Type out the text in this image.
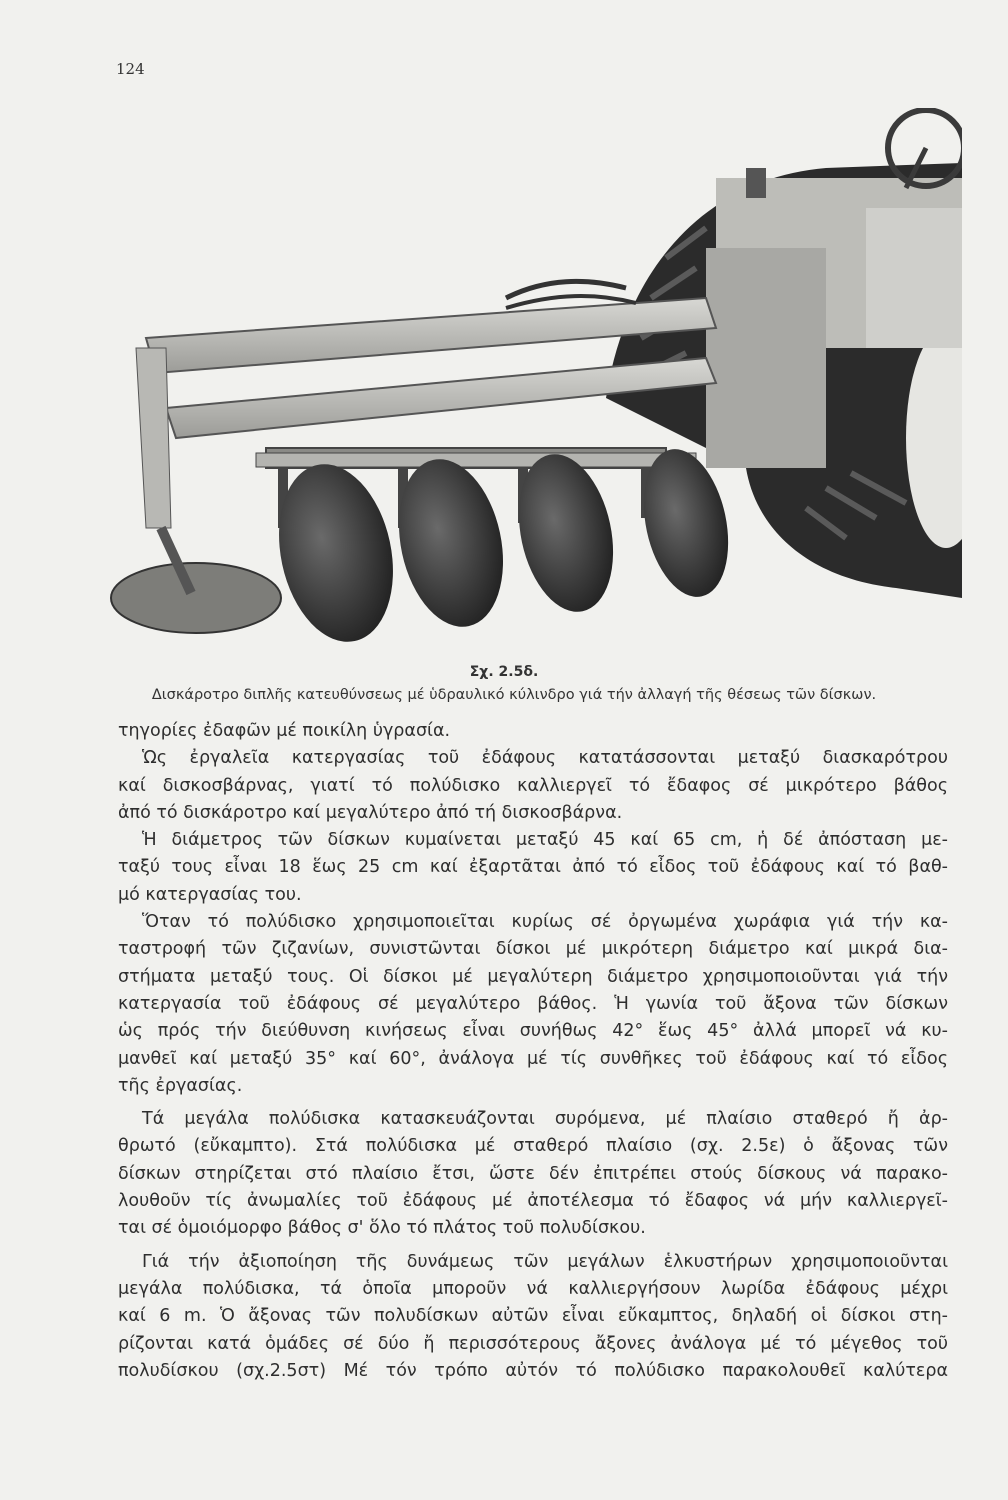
124
Σχ. 2.5δ.
Δισκάροτρο διπλῆς κατευθύνσεως μέ ὑδραυλικό κύλινδρο γιά τήν ἀλλαγή τῆς θέσεως τῶν δίσκων.
τηγορίες ἐδαφῶν μέ ποικίλη ὑγρασία.
Ὡς ἐργαλεῖα κατεργασίας τοῦ ἐδάφους κατατάσσονται μεταξύ διασκαρότρου
καί δισκοσβάρνας, γιατί τό πολύδισκο καλλιεργεῖ τό ἔδαφος σέ μικρότερο βάθος
ἀπό τό δισκάροτρο καί μεγαλύτερο ἀπό τή δισκοσβάρνα.
Ἡ διάμετρος τῶν δίσκων κυμαίνεται μεταξύ 45 καί 65 cm, ἡ δέ ἀπόσταση με-
ταξύ τους εἶναι 18 ἕως 25 cm καί ἐξαρτᾶται ἀπό τό εἶδος τοῦ ἐδάφους καί τό βαθ-
μό κατεργασίας του.
Ὅταν τό πολύδισκο χρησιμοποιεῖται κυρίως σέ ὀργωμένα χωράφια γιά τήν κα-
ταστροφή τῶν ζιζανίων, συνιστῶνται δίσκοι μέ μικρότερη διάμετρο καί μικρά δια-
στήματα μεταξύ τους. Οἱ δίσκοι μέ μεγαλύτερη διάμετρο χρησιμοποιοῦνται γιά τήν
κατεργασία τοῦ ἐδάφους σέ μεγαλύτερο βάθος. Ἡ γωνία τοῦ ἄξονα τῶν δίσκων
ὡς πρός τήν διεύθυνση κινήσεως εἶναι συνήθως 42° ἕως 45° ἀλλά μπορεῖ νά κυ-
μανθεῖ καί μεταξύ 35° καί 60°, ἀνάλογα μέ τίς συνθῆκες τοῦ ἐδάφους καί τό εἶδος
τῆς ἐργασίας.
Τά μεγάλα πολύδισκα κατασκευάζονται συρόμενα, μέ πλαίσιο σταθερό ἤ ἀρ-
θρωτό (εὔκαμπτο). Στά πολύδισκα μέ σταθερό πλαίσιο (σχ. 2.5ε) ὁ ἄξονας τῶν
δίσκων στηρίζεται στό πλαίσιο ἔτσι, ὥστε δέν ἐπιτρέπει στούς δίσκους νά παρακο-
λουθοῦν τίς ἀνωμαλίες τοῦ ἐδάφους μέ ἀποτέλεσμα τό ἔδαφος νά μήν καλλιεργεῖ-
ται σέ ὁμοιόμορφο βάθος σ' ὅλο τό πλάτος τοῦ πολυδίσκου.
Γιά τήν ἀξιοποίηση τῆς δυνάμεως τῶν μεγάλων ἑλκυστήρων χρησιμοποιοῦνται
μεγάλα πολύδισκα, τά ὁποῖα μποροῦν νά καλλιεργήσουν λωρίδα ἐδάφους μέχρι
καί 6 m. Ὁ ἄξονας τῶν πολυδίσκων αὐτῶν εἶναι εὔκαμπτος, δηλαδή οἱ δίσκοι στη-
ρίζονται κατά ὁμάδες σέ δύο ἤ περισσότερους ἄξονες ἀνάλογα μέ τό μέγεθος τοῦ
πολυδίσκου (σχ.2.5στ) Μέ τόν τρόπο αὐτόν τό πολύδισκο παρακολουθεῖ καλύτερα
